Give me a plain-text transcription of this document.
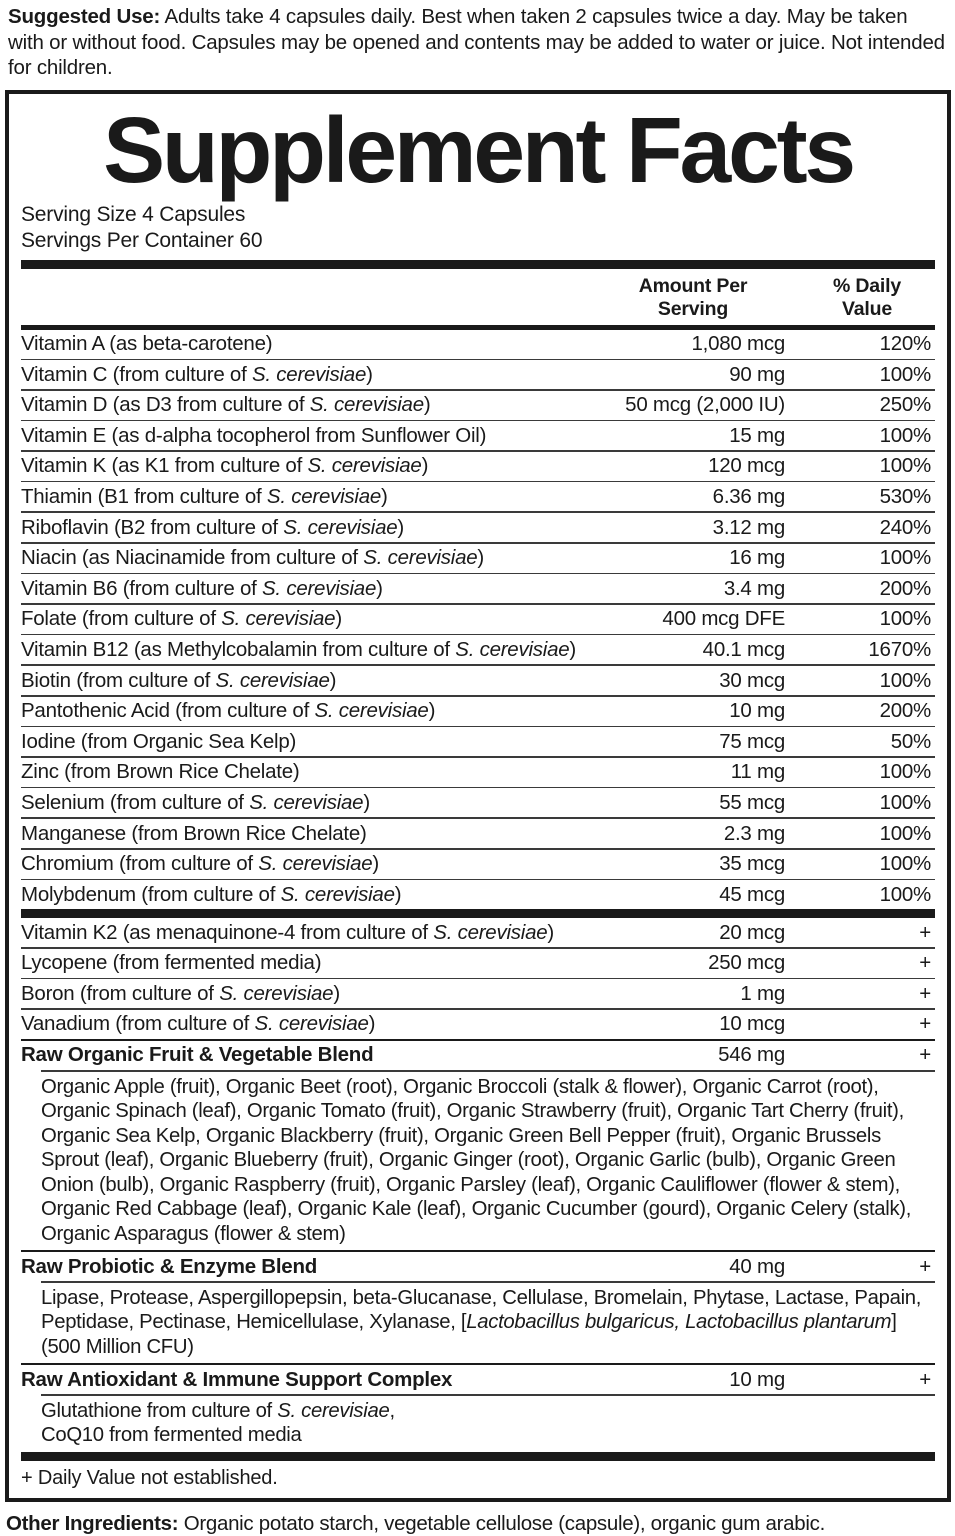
Suggested Use: Adults take 4 capsules daily. Best when taken 2 capsules twice a day. May be taken with or without food. Capsules may be opened and contents may be added to water or juice. Not intended for children.
Supplement Facts
Serving Size 4 Capsules
Servings Per Container 60
Amount Per
Serving
% Daily
Value
Vitamin A (as beta-carotene)	1,080 mcg	120%
Vitamin C (from culture of S. cerevisiae)	90 mg	100%
Vitamin D (as D3 from culture of S. cerevisiae)	50 mcg (2,000 IU)	250%
Vitamin E (as d-alpha tocopherol from Sunflower Oil)	15 mg	100%
Vitamin K (as K1 from culture of S. cerevisiae)	120 mcg	100%
Thiamin (B1 from culture of S. cerevisiae)	6.36 mg	530%
Riboflavin (B2 from culture of S. cerevisiae)	3.12 mg	240%
Niacin (as Niacinamide from culture of S. cerevisiae)	16 mg	100%
Vitamin B6 (from culture of S. cerevisiae)	3.4 mg	200%
Folate (from culture of S. cerevisiae)	400 mcg DFE	100%
Vitamin B12 (as Methylcobalamin from culture of S. cerevisiae)	40.1 mcg	1670%
Biotin (from culture of S. cerevisiae)	30 mcg	100%
Pantothenic Acid (from culture of S. cerevisiae)	10 mg	200%
Iodine (from Organic Sea Kelp)	75 mcg	50%
Zinc (from Brown Rice Chelate)	11 mg	100%
Selenium (from culture of S. cerevisiae)	55 mcg	100%
Manganese (from Brown Rice Chelate)	2.3 mg	100%
Chromium (from culture of S. cerevisiae)	35 mcg	100%
Molybdenum (from culture of S. cerevisiae)	45 mcg	100%
Vitamin K2 (as menaquinone-4 from culture of S. cerevisiae)	20 mcg	+
Lycopene (from fermented media)	250 mcg	+
Boron (from culture of S. cerevisiae)	1 mg	+
Vanadium (from culture of S. cerevisiae)	10 mcg	+
Raw Organic Fruit & Vegetable Blend	546 mg	+
Organic Apple (fruit), Organic Beet (root), Organic Broccoli (stalk & flower), Organic Carrot (root), Organic Spinach (leaf), Organic Tomato (fruit), Organic Strawberry (fruit), Organic Tart Cherry (fruit), Organic Sea Kelp, Organic Blackberry (fruit), Organic Green Bell Pepper (fruit), Organic Brussels Sprout (leaf), Organic Blueberry (fruit), Organic Ginger (root), Organic Garlic (bulb), Organic Green Onion (bulb), Organic Raspberry (fruit), Organic Parsley (leaf), Organic Cauliflower (flower & stem), Organic Red Cabbage (leaf), Organic Kale (leaf), Organic Cucumber (gourd), Organic Celery (stalk), Organic Asparagus (flower & stem)
Raw Probiotic & Enzyme Blend	40 mg	+
Lipase, Protease, Aspergillopepsin, beta-Glucanase, Cellulase, Bromelain, Phytase, Lactase, Papain, Peptidase, Pectinase, Hemicellulase, Xylanase, [Lactobacillus bulgaricus, Lactobacillus plantarum] (500 Million CFU)
Raw Antioxidant & Immune Support Complex	10 mg	+
Glutathione from culture of S. cerevisiae,
CoQ10 from fermented media
+ Daily Value not established.
Other Ingredients: Organic potato starch, vegetable cellulose (capsule), organic gum arabic.
